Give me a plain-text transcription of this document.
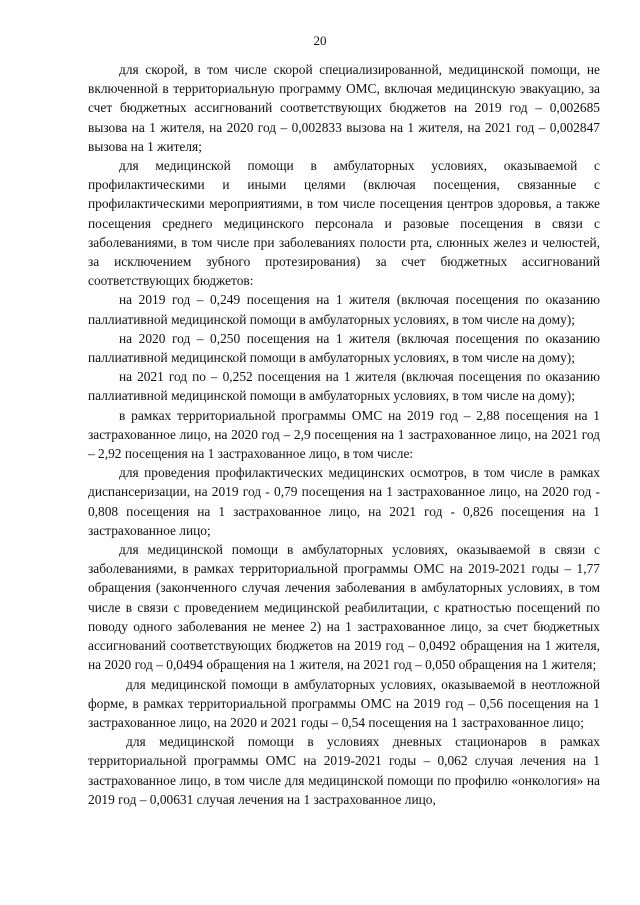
20

для скорой, в том числе скорой специализированной, медицинской помощи, не включенной в территориальную программу ОМС, включая медицинскую эвакуацию, за счет бюджетных ассигнований соответствующих бюджетов на 2019 год – 0,002685 вызова на 1 жителя, на 2020 год – 0,002833 вызова на 1 жителя, на 2021 год – 0,002847 вызова на 1 жителя;

для медицинской помощи в амбулаторных условиях, оказываемой с профилактическими и иными целями (включая посещения, связанные с профилактическими мероприятиями, в том числе посещения центров здоровья, а также посещения среднего медицинского персонала и разовые посещения в связи с заболеваниями, в том числе при заболеваниях полости рта, слюнных желез и челюстей, за исключением зубного протезирования) за счет бюджетных ассигнований соответствующих бюджетов:

на 2019 год – 0,249 посещения на 1 жителя (включая посещения по оказанию паллиативной медицинской помощи в амбулаторных условиях, в том числе на дому);

на 2020 год – 0,250 посещения на 1 жителя (включая посещения по оказанию паллиативной медицинской помощи в амбулаторных условиях, в том числе на дому);

на 2021 год по – 0,252 посещения на 1 жителя (включая посещения по оказанию паллиативной медицинской помощи в амбулаторных условиях, в том числе на дому);

в рамках территориальной программы ОМС на 2019 год – 2,88 посещения на 1 застрахованное лицо, на 2020 год – 2,9 посещения на 1 застрахованное лицо, на 2021 год – 2,92 посещения на 1 застрахованное лицо, в том числе:

для проведения профилактических медицинских осмотров, в том числе в рамках диспансеризации, на 2019 год - 0,79 посещения на 1 застрахованное лицо, на 2020 год - 0,808 посещения на 1 застрахованное лицо, на 2021 год - 0,826 посещения на 1 застрахованное лицо;

для медицинской помощи в амбулаторных условиях, оказываемой в связи с заболеваниями, в рамках территориальной программы ОМС на 2019-2021 годы – 1,77 обращения (законченного случая лечения заболевания в амбулаторных условиях, в том числе в связи с проведением медицинской реабилитации, с кратностью посещений по поводу одного заболевания не менее 2) на 1 застрахованное лицо, за счет бюджетных ассигнований соответствующих бюджетов на 2019 год – 0,0492 обращения на 1 жителя, на 2020 год – 0,0494 обращения на 1 жителя, на 2021 год – 0,050 обращения на 1 жителя;

для медицинской помощи в амбулаторных условиях, оказываемой в неотложной форме, в рамках территориальной программы ОМС на 2019 год – 0,56 посещения на 1 застрахованное лицо, на 2020 и 2021 годы – 0,54 посещения на 1 застрахованное лицо;

для медицинской помощи в условиях дневных стационаров в рамках территориальной программы ОМС на 2019-2021 годы – 0,062 случая лечения на 1 застрахованное лицо, в том числе для медицинской помощи по профилю «онкология» на 2019 год – 0,00631 случая лечения на 1 застрахованное лицо,
